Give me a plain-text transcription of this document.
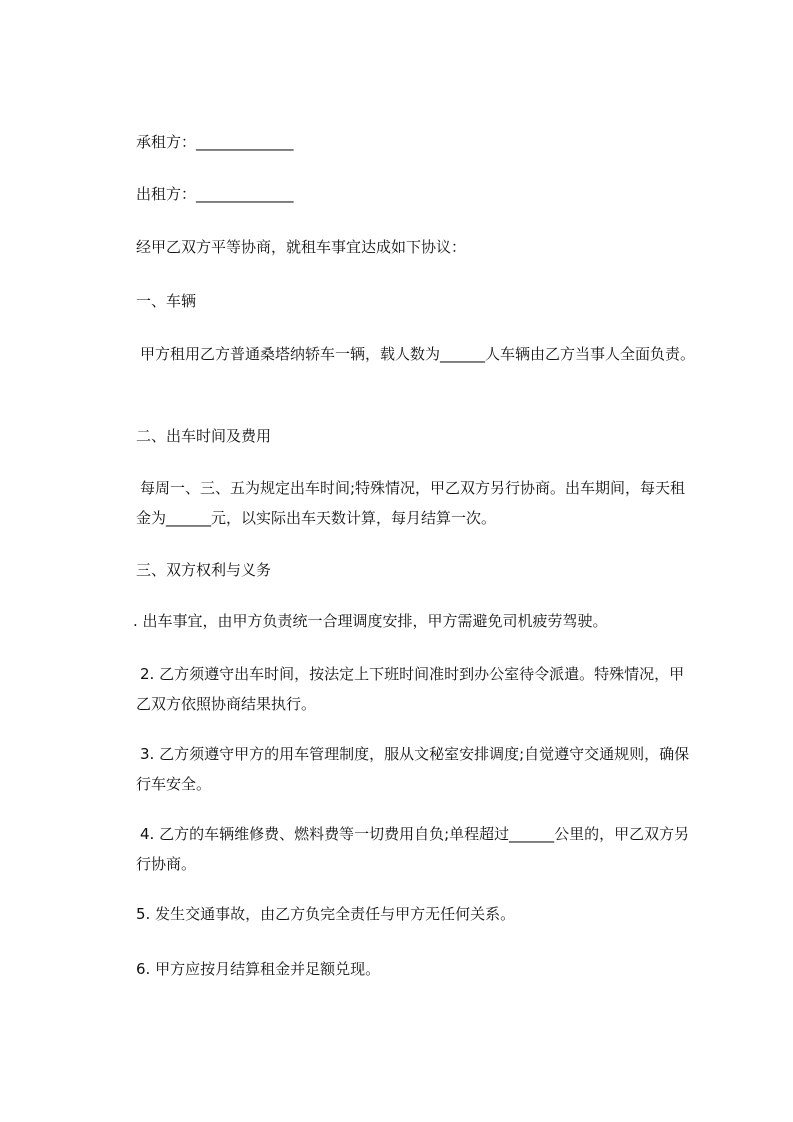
承租方：_____________
出租方：_____________
经甲乙双方平等协商，就租车事宜达成如下协议：
一、车辆
甲方租用乙方普通桑塔纳轿车一辆，载人数为______人车辆由乙方当事人全面负责。
二、出车时间及费用
每周一、三、五为规定出车时间;特殊情况，甲乙双方另行协商。出车期间，每天租金为______元，以实际出车天数计算，每月结算一次。
三、双方权利与义务
. 出车事宜，由甲方负责统一合理调度安排，甲方需避免司机疲劳驾驶。
2. 乙方须遵守出车时间，按法定上下班时间准时到办公室待令派遣。特殊情况，甲乙双方依照协商结果执行。
3. 乙方须遵守甲方的用车管理制度，服从文秘室安排调度;自觉遵守交通规则，确保行车安全。
4. 乙方的车辆维修费、燃料费等一切费用自负;单程超过______公里的，甲乙双方另行协商。
5. 发生交通事故，由乙方负完全责任与甲方无任何关系。
6. 甲方应按月结算租金并足额兑现。
